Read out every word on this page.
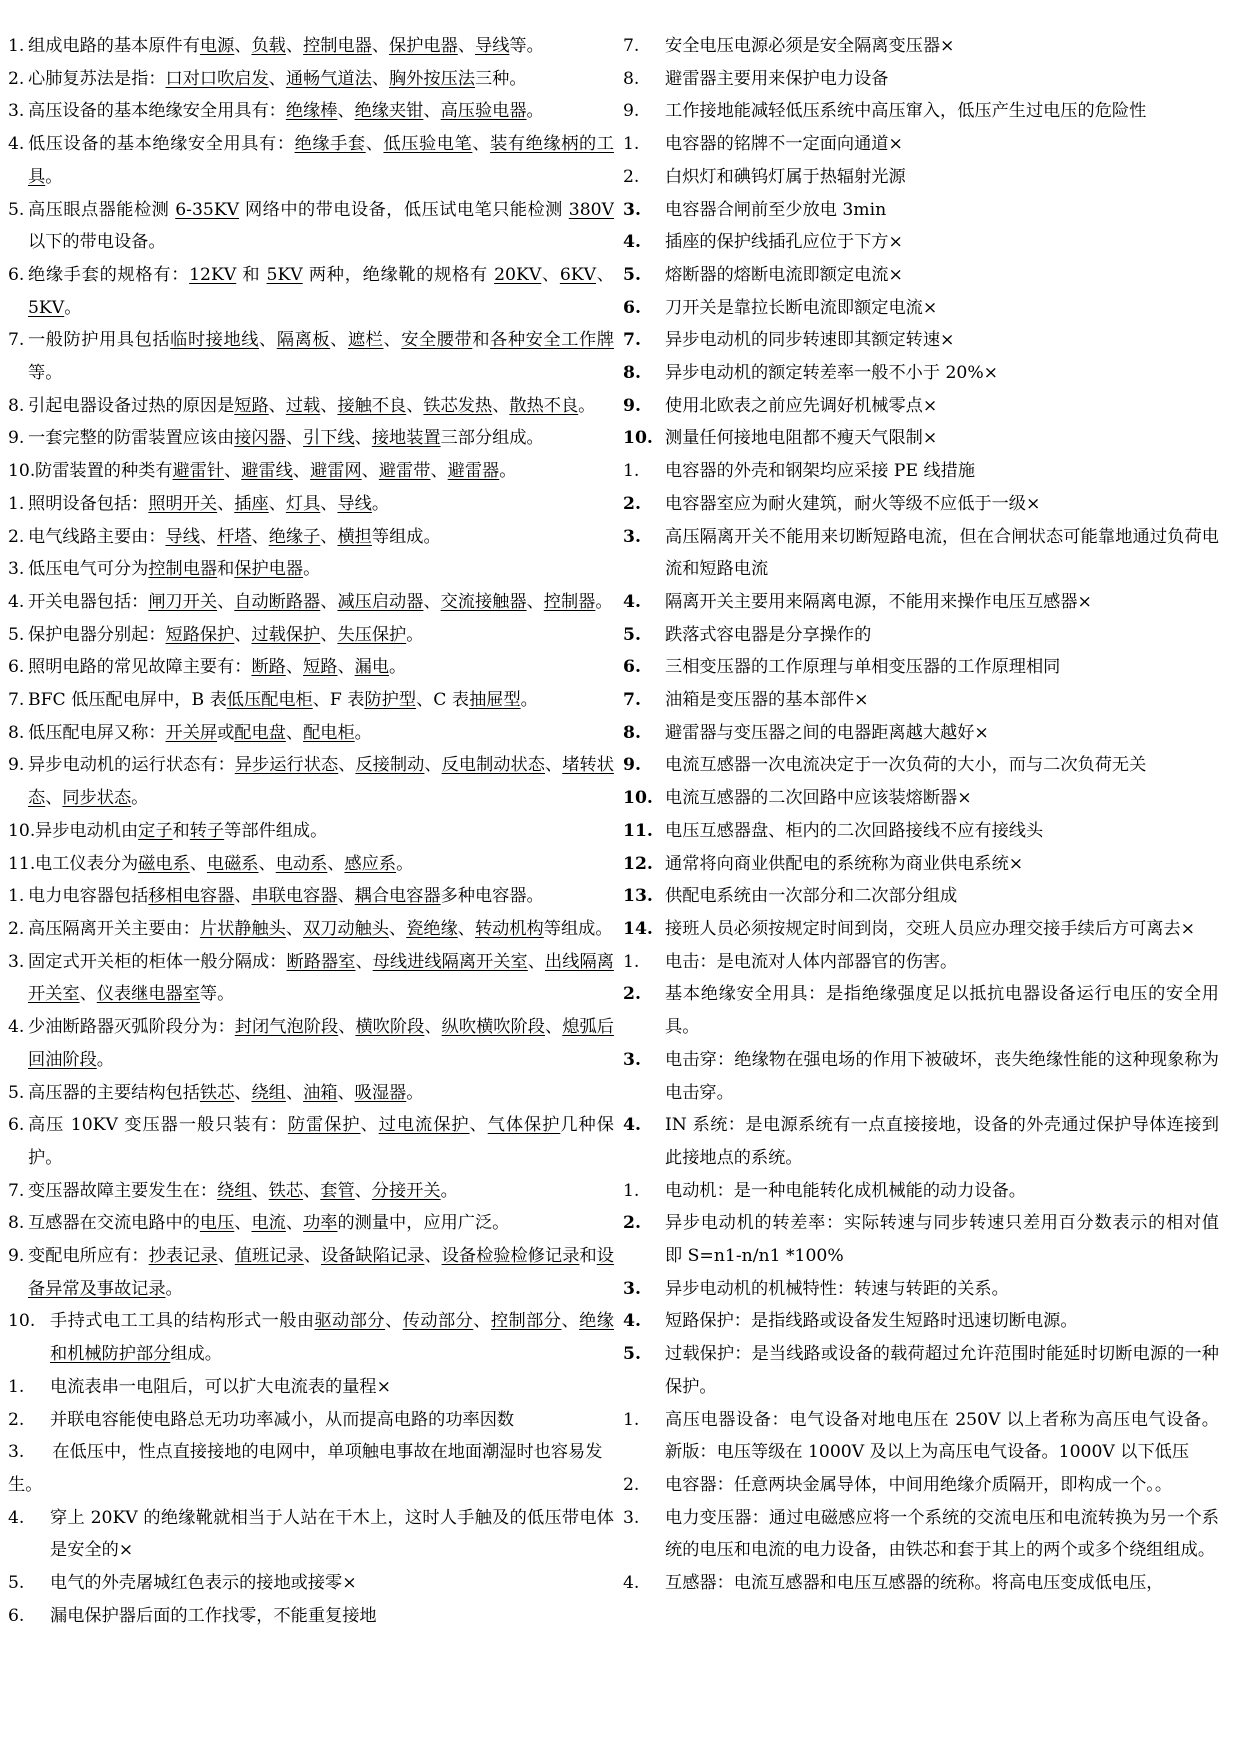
1. 组成电路的基本原件有电源、负载、控制电器、保护电器、导线等。
2. 心肺复苏法是指：口对口吹启发、通畅气道法、胸外按压法三种。
3. 高压设备的基本绝缘安全用具有：绝缘棒、绝缘夹钳、高压验电器。
4. 低压设备的基本绝缘安全用具有：绝缘手套、低压验电笔、装有绝缘柄的工具。
5. 高压眼点器能检测 6-35KV 网络中的带电设备，低压试电笔只能检测 380V 以下的带电设备。
6. 绝缘手套的规格有：12KV 和 5KV 两种，绝缘靴的规格有 20KV、6KV、5KV。
7. 一般防护用具包括临时接地线、隔离板、遮栏、安全腰带和各种安全工作牌等。
8. 引起电器设备过热的原因是短路、过载、接触不良、铁芯发热、散热不良。
9. 一套完整的防雷装置应该由接闪器、引下线、接地装置三部分组成。
10. 防雷装置的种类有避雷针、避雷线、避雷网、避雷带、避雷器。
1. 照明设备包括：照明开关、插座、灯具、导线。
2. 电气线路主要由：导线、杆塔、绝缘子、横担等组成。
3. 低压电气可分为控制电器和保护电器。
4. 开关电器包括：闸刀开关、自动断路器、减压启动器、交流接触器、控制器。
5. 保护电器分别起：短路保护、过载保护、失压保护。
6. 照明电路的常见故障主要有：断路、短路、漏电。
7. BFC 低压配电屏中，B 表低压配电柜、F 表防护型、C 表抽屉型。
8. 低压配电屏又称：开关屏或配电盘、配电柜。
9. 异步电动机的运行状态有：异步运行状态、反接制动、反电制动状态、堵转状态、同步状态。
10. 异步电动机由定子和转子等部件组成。
11. 电工仪表分为磁电系、电磁系、电动系、感应系。
1. 电力电容器包括移相电容器、串联电容器、耦合电容器多种电容器。
2. 高压隔离开关主要由：片状静触头、双刀动触头、瓷绝缘、转动机构等组成。
3. 固定式开关柜的柜体一般分隔成：断路器室、母线进线隔离开关室、出线隔离开关室、仪表继电器室等。
4. 少油断路器灭弧阶段分为：封闭气泡阶段、横吹阶段、纵吹横吹阶段、熄弧后回油阶段。
5. 高压器的主要结构包括铁芯、绕组、油箱、吸湿器。
6. 高压 10KV 变压器一般只装有：防雷保护、过电流保护、气体保护几种保护。
7. 变压器故障主要发生在：绕组、铁芯、套管、分接开关。
8. 互感器在交流电路中的电压、电流、功率的测量中，应用广泛。
9. 变配电所应有：抄表记录、值班记录、设备缺陷记录、设备检验检修记录和设备异常及事故记录。
10. 手持式电工工具的结构形式一般由驱动部分、传动部分、控制部分、绝缘和机械防护部分组成。
1.	电流表串一电阻后，可以扩大电流表的量程×
2.	并联电容能使电路总无功功率减小，从而提高电路的功率因数
3. 在低压中，性点直接接地的电网中，单项触电事故在地面潮湿时也容易发生。
4.	穿上 20KV 的绝缘靴就相当于人站在干木上，这时人手触及的低压带电体是安全的×
5.	电气的外壳屠城红色表示的接地或接零×
6.	漏电保护器后面的工作找零，不能重复接地
7.	安全电压电源必须是安全隔离变压器×
8.	避雷器主要用来保护电力设备
9.	工作接地能减轻低压系统中高压窜入，低压产生过电压的危险性
1.	电容器的铭牌不一定面向通道×
2.	白炽灯和碘钨灯属于热辐射光源
3.	电容器合闸前至少放电 3min
4.	插座的保护线插孔应位于下方×
5.	熔断器的熔断电流即额定电流×
6.	刀开关是靠拉长断电流即额定电流×
7.	异步电动机的同步转速即其额定转速×
8.	异步电动机的额定转差率一般不小于 20%×
9.	使用北欧表之前应先调好机械零点×
10. 测量任何接地电阻都不瘦天气限制×
1.	电容器的外壳和钢架均应采接 PE 线措施
2.	电容器室应为耐火建筑，耐火等级不应低于一级×
3.	高压隔离开关不能用来切断短路电流，但在合闸状态可能靠地通过负荷电流和短路电流
4.	隔离开关主要用来隔离电源，不能用来操作电压互感器×
5.	跌落式容电器是分享操作的
6.	三相变压器的工作原理与单相变压器的工作原理相同
7.	油箱是变压器的基本部件×
8.	避雷器与变压器之间的电器距离越大越好×
9.	电流互感器一次电流决定于一次负荷的大小，而与二次负荷无关
10. 电流互感器的二次回路中应该装熔断器×
11. 电压互感器盘、柜内的二次回路接线不应有接线头
12. 通常将向商业供配电的系统称为商业供电系统×
13. 供配电系统由一次部分和二次部分组成
14. 接班人员必须按规定时间到岗，交班人员应办理交接手续后方可离去×
1.	电击：是电流对人体内部器官的伤害。
2.	基本绝缘安全用具：是指绝缘强度足以抵抗电器设备运行电压的安全用具。
3.	电击穿：绝缘物在强电场的作用下被破坏，丧失绝缘性能的这种现象称为电击穿。
4.	IN 系统：是电源系统有一点直接接地，设备的外壳通过保护导体连接到此接地点的系统。
1.	电动机：是一种电能转化成机械能的动力设备。
2.	异步电动机的转差率：实际转速与同步转速只差用百分数表示的相对值 即 S=n1-n/n1 *100%
3.	异步电动机的机械特性：转速与转距的关系。
4.	短路保护：是指线路或设备发生短路时迅速切断电源。
5.	过载保护：是当线路或设备的载荷超过允许范围时能延时切断电源的一种保护。
1.	高压电器设备：电气设备对地电压在 250V 以上者称为高压电气设备。新版：电压等级在 1000V 及以上为高压电气设备。1000V 以下低压
2.	电容器：任意两块金属导体，中间用绝缘介质隔开，即构成一个。。
3.	电力变压器：通过电磁感应将一个系统的交流电压和电流转换为另一个系统的电压和电流的电力设备，由铁芯和套于其上的两个或多个绕组组成。
4.	互感器：电流互感器和电压互感器的统称。将高电压变成低电压，
